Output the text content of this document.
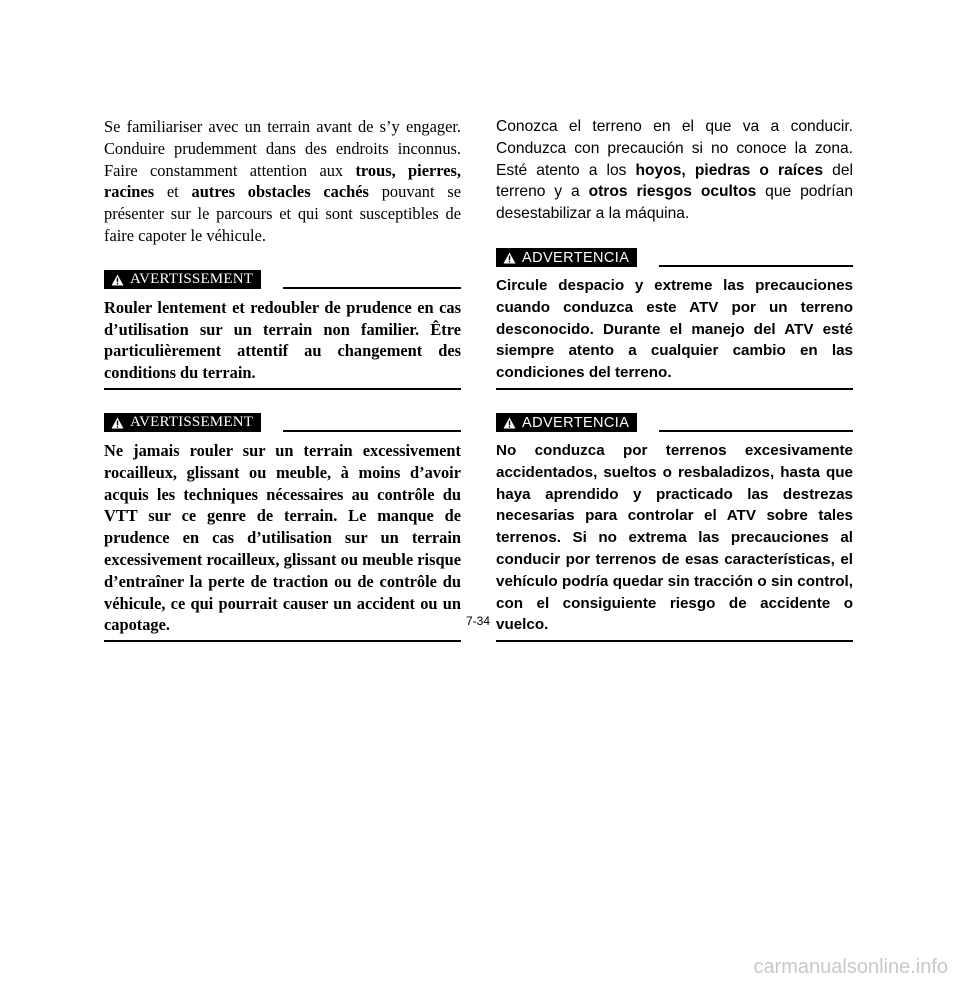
Se familiariser avec un terrain avant de s’y engager. Conduire prudemment dans des endroits inconnus. Faire constamment attention aux trous, pierres, racines et autres obstacles cachés pouvant se présenter sur le parcours et qui sont susceptibles de faire capoter le véhicule.

AVERTISSEMENT

Rouler lentement et redoubler de prudence en cas d’utilisation sur un terrain non familier. Être particulièrement attentif au changement des conditions du terrain.

AVERTISSEMENT

Ne jamais rouler sur un terrain excessivement rocailleux, glissant ou meuble, à moins d’avoir acquis les techniques nécessaires au contrôle du VTT sur ce genre de terrain. Le manque de prudence en cas d’utilisation sur un terrain excessivement rocailleux, glissant ou meuble risque d’entraîner la perte de traction ou de contrôle du véhicule, ce qui pourrait causer un accident ou un capotage.

Conozca el terreno en el que va a conducir. Conduzca con precaución si no conoce la zona. Esté atento a los hoyos, piedras o raíces del terreno y a otros riesgos ocultos que podrían desestabilizar a la máquina.

ADVERTENCIA

Circule despacio y extreme las precauciones cuando conduzca este ATV por un terreno desconocido. Durante el manejo del ATV esté siempre atento a cualquier cambio en las condiciones del terreno.

ADVERTENCIA

No conduzca por terrenos excesivamente accidentados, sueltos o resbaladizos, hasta que haya aprendido y practicado las destrezas necesarias para controlar el ATV sobre tales terrenos. Si no extrema las precauciones al conducir por terrenos de esas características, el vehículo podría quedar sin tracción o sin control, con el consiguiente riesgo de accidente o vuelco.

7-34
carmanualsonline.info
